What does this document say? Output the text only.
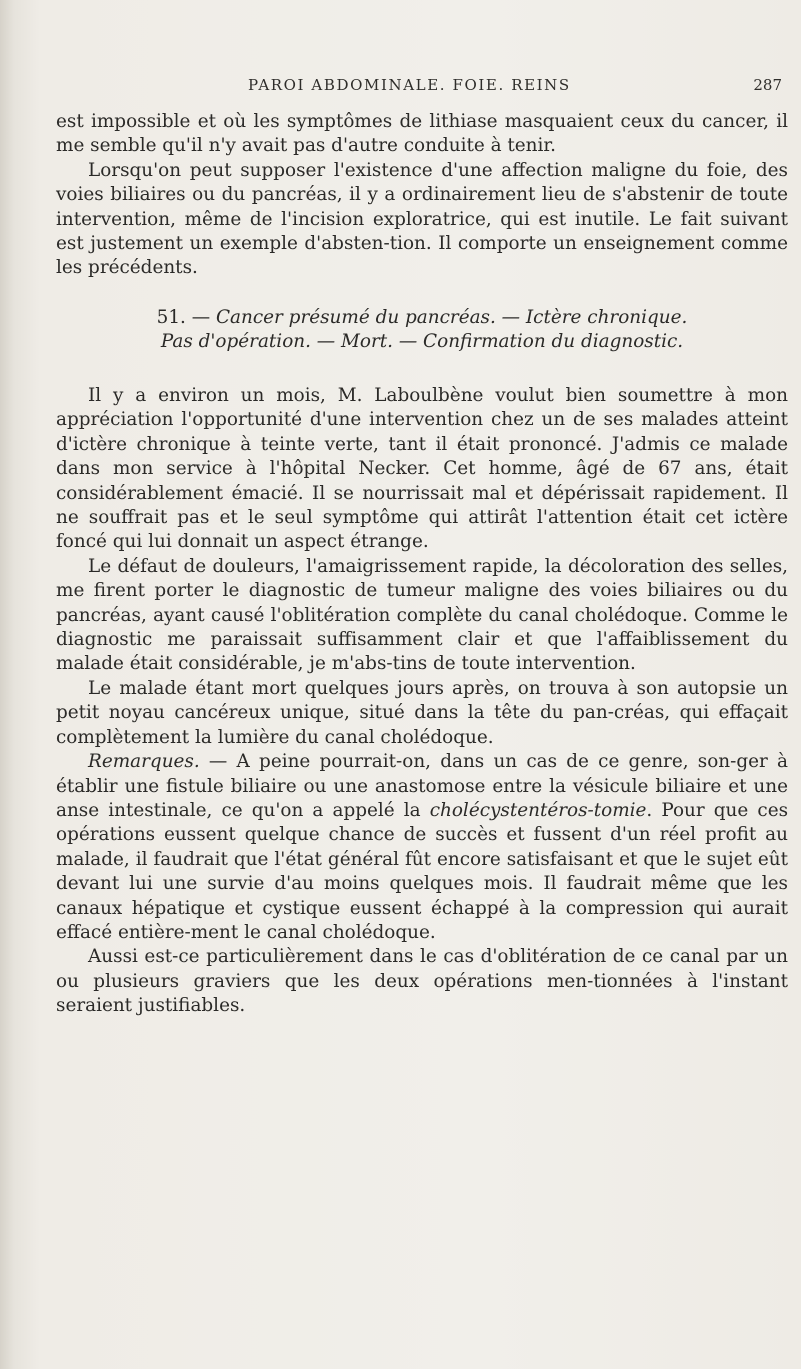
PAROI ABDOMINALE. FOIE. REINS	287

est impossible et où les symptômes de lithiase masquaient ceux du cancer, il me semble qu'il n'y avait pas d'autre conduite à tenir.

Lorsqu'on peut supposer l'existence d'une affection maligne du foie, des voies biliaires ou du pancréas, il y a ordinairement lieu de s'abstenir de toute intervention, même de l'incision exploratrice, qui est inutile. Le fait suivant est justement un exemple d'absten-tion. Il comporte un enseignement comme les précédents.

51. — Cancer présumé du pancréas. — Ictère chronique.
Pas d'opération. — Mort. — Confirmation du diagnostic.

Il y a environ un mois, M. Laboulbène voulut bien soumettre à mon appréciation l'opportunité d'une intervention chez un de ses malades atteint d'ictère chronique à teinte verte, tant il était prononcé. J'admis ce malade dans mon service à l'hôpital Necker. Cet homme, âgé de 67 ans, était considérablement émacié. Il se nourrissait mal et dépérissait rapidement. Il ne souffrait pas et le seul symptôme qui attirât l'attention était cet ictère foncé qui lui donnait un aspect étrange.

Le défaut de douleurs, l'amaigrissement rapide, la décoloration des selles, me firent porter le diagnostic de tumeur maligne des voies biliaires ou du pancréas, ayant causé l'oblitération complète du canal cholédoque. Comme le diagnostic me paraissait suffisamment clair et que l'affaiblissement du malade était considérable, je m'abs-tins de toute intervention.

Le malade étant mort quelques jours après, on trouva à son autopsie un petit noyau cancéreux unique, situé dans la tête du pan-créas, qui effaçait complètement la lumière du canal cholédoque.

Remarques. — A peine pourrait-on, dans un cas de ce genre, son-ger à établir une fistule biliaire ou une anastomose entre la vésicule biliaire et une anse intestinale, ce qu'on a appelé la cholécystentéros-tomie. Pour que ces opérations eussent quelque chance de succès et fussent d'un réel profit au malade, il faudrait que l'état général fût encore satisfaisant et que le sujet eût devant lui une survie d'au moins quelques mois. Il faudrait même que les canaux hépatique et cystique eussent échappé à la compression qui aurait effacé entière-ment le canal cholédoque.

Aussi est-ce particulièrement dans le cas d'oblitération de ce canal par un ou plusieurs graviers que les deux opérations men-tionnées à l'instant seraient justifiables.
